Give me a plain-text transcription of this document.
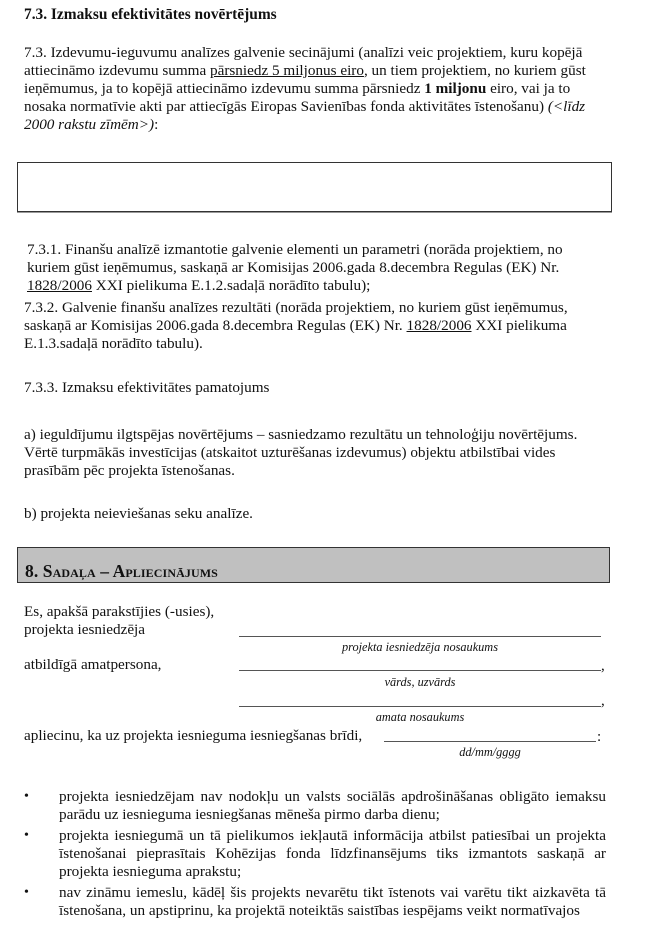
7.3. Izmaksu efektivitātes novērtējums
7.3. Izdevumu-ieguvumu analīzes galvenie secinājumi (analīzi veic projektiem, kuru kopējā attiecināmo izdevumu summa pārsniedz 5 miljonus eiro, un tiem projektiem, no kuriem gūst ieņēmumus, ja to kopējā attiecināmo izdevumu summa pārsniedz 1 miljonu eiro, vai ja to nosaka normatīvie akti par attiecīgās Eiropas Savienības fonda aktivitātes īstenošanu) (<līdz 2000 rakstu zīmēm>):
7.3.1. Finanšu analīzē izmantotie galvenie elementi un parametri (norāda projektiem, no kuriem gūst ieņēmumus, saskaņā ar Komisijas 2006.gada 8.decembra Regulas (EK) Nr. 1828/2006 XXI pielikuma E.1.2.sadaļā norādīto tabulu);
7.3.2. Galvenie finanšu analīzes rezultāti (norāda projektiem, no kuriem gūst ieņēmumus, saskaņā ar Komisijas 2006.gada 8.decembra Regulas (EK) Nr. 1828/2006 XXI pielikuma E.1.3.sadaļā norādīto tabulu).
7.3.3. Izmaksu efektivitātes pamatojums
a) ieguldījumu ilgtspējas novērtējums – sasniedzamo rezultātu un tehnoloģiju novērtējums. Vērtē turpmākās investīcijas (atskaitot uzturēšanas izdevumus) objektu atbilstībai vides prasībām pēc projekta īstenošanas.
b) projekta neieviešanas seku analīze.
8. Sadaļa – Apliecinājums
Es, apakšā parakstījies (-usies),
projekta iesniedzēja
projekta iesniedzēja nosaukums
atbildīgā amatpersona,	,
vārds, uzvārds
,
amata nosaukums
apliecinu, ka uz projekta iesnieguma iesniegšanas brīdi,	:
dd/mm/gggg
• projekta iesniedzējam nav nodokļu un valsts sociālās apdrošināšanas obligāto iemaksu parādu uz iesnieguma iesniegšanas mēneša pirmo darba dienu;
• projekta iesniegumā un tā pielikumos iekļautā informācija atbilst patiesībai un projekta īstenošanai pieprasītais Kohēzijas fonda līdzfinansējums tiks izmantots saskaņā ar projekta iesnieguma aprakstu;
• nav zināmu iemeslu, kādēļ šis projekts nevarētu tikt īstenots vai varētu tikt aizkavēta tā īstenošana, un apstiprinu, ka projektā noteiktās saistības iespējams veikt normatīvajos
